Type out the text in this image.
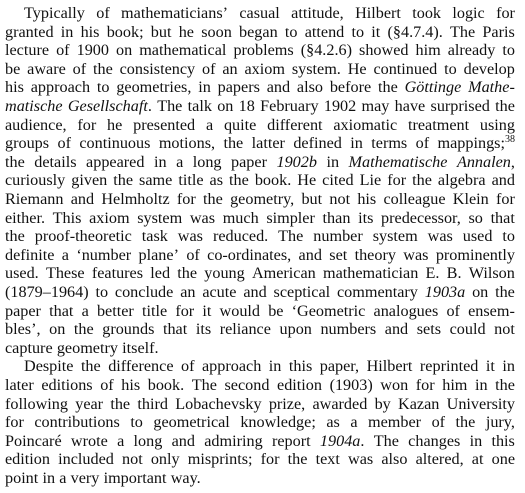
Typically of mathematicians’ casual attitude, Hilbert took logic for
granted in his book; but he soon began to attend to it (§4.7.4). The Paris
lecture of 1900 on mathematical problems (§4.2.6) showed him already to
be aware of the consistency of an axiom system. He continued to develop
his approach to geometries, in papers and also before the Göttinge Mathe-
matische Gesellschaft. The talk on 18 February 1902 may have surprised the
audience, for he presented a quite different axiomatic treatment using
groups of continuous motions, the latter defined in terms of mappings;$^{38}$
the details appeared in a long paper 1902b in Mathematische Annalen,
curiously given the same title as the book. He cited Lie for the algebra and
Riemann and Helmholtz for the geometry, but not his colleague Klein for
either. This axiom system was much simpler than its predecessor, so that
the proof-theoretic task was reduced. The number system was used to
definite a ‘number plane’ of co-ordinates, and set theory was prominently
used. These features led the young American mathematician E. B. Wilson
(1879–1964) to conclude an acute and sceptical commentary 1903a on the
paper that a better title for it would be ‘Geometric analogues of ensem-
bles’, on the grounds that its reliance upon numbers and sets could not
capture geometry itself.
Despite the difference of approach in this paper, Hilbert reprinted it in
later editions of his book. The second edition (1903) won for him in the
following year the third Lobachevsky prize, awarded by Kazan University
for contributions to geometrical knowledge; as a member of the jury,
Poincaré wrote a long and admiring report 1904a. The changes in this
edition included not only misprints; for the text was also altered, at one
point in a very important way.
